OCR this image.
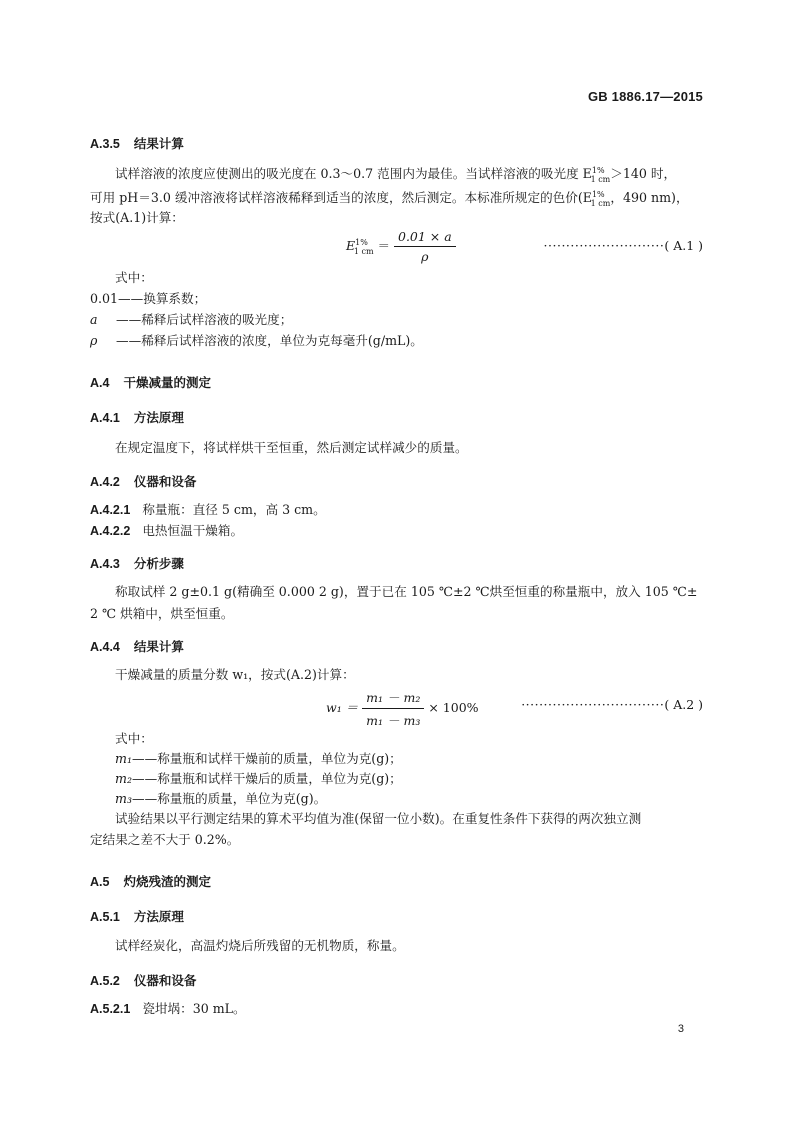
GB 1886.17—2015
A.3.5 结果计算
试样溶液的浓度应使测出的吸光度在 0.3～0.7 范围内为最佳。当试样溶液的吸光度 $E^{1\%}_{1 cm}>140$ 时，
可用 pH＝3.0 缓冲溶液将试样溶液稀释到适当的浓度，然后测定。本标准所规定的色价($E^{1\%}_{1 cm}$，490 nm)，
按式(A.1)计算：
$E^{1\%}_{1 cm} = \frac{0.01 \times a}{\rho}$	···························( A.1 )
式中：
0.01——换算系数；
a ——稀释后试样溶液的吸光度；
ρ ——稀释后试样溶液的浓度，单位为克每毫升(g/mL)。
A.4 干燥减量的测定
A.4.1 方法原理
在规定温度下，将试样烘干至恒重，然后测定试样减少的质量。
A.4.2 仪器和设备
A.4.2.1 称量瓶：直径 5 cm，高 3 cm。
A.4.2.2 电热恒温干燥箱。
A.4.3 分析步骤
称取试样 2 g±0.1 g(精确至 0.000 2 g)，置于已在 105 ℃±2 ℃烘至恒重的称量瓶中，放入 105 ℃±
2 ℃ 烘箱中，烘至恒重。
A.4.4 结果计算
干燥减量的质量分数 w₁，按式(A.2)计算：
$w_1 = \frac{\text{m₁ － m₂}}{\text{m₁ － m₃}} \times 100\%$	································( A.2 )
式中：
m₁——称量瓶和试样干燥前的质量，单位为克(g)；
m₂——称量瓶和试样干燥后的质量，单位为克(g)；
m₃——称量瓶的质量，单位为克(g)。
试验结果以平行测定结果的算术平均值为准(保留一位小数)。在重复性条件下获得的两次独立测
定结果之差不大于 0.2%。
A.5 灼烧残渣的测定
A.5.1 方法原理
试样经炭化，高温灼烧后所残留的无机物质，称量。
A.5.2 仪器和设备
A.5.2.1 瓷坩埚：30 mL。
3
